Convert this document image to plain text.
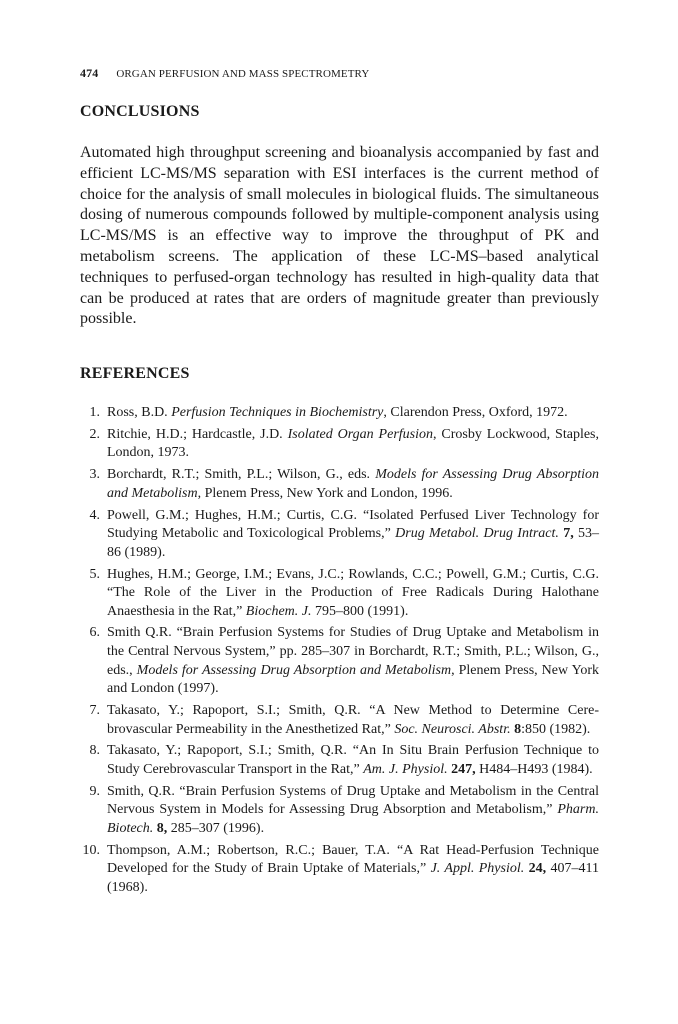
474 ORGAN PERFUSION AND MASS SPECTROMETRY
CONCLUSIONS

Automated high throughput screening and bioanalysis accompanied by fast and efficient LC-MS/MS separation with ESI interfaces is the current method of choice for the analysis of small molecules in biological fluids. The simultaneous dosing of numerous compounds followed by multiple-component analysis using LC-MS/MS is an effective way to improve the throughput of PK and metabolism screens. The application of these LC-MS–based analytical techniques to perfused-organ technology has resulted in high-quality data that can be produced at rates that are orders of magnitude greater than previously possible.

REFERENCES
1. Ross, B.D. Perfusion Techniques in Biochemistry, Clarendon Press, Oxford, 1972.
2. Ritchie, H.D.; Hardcastle, J.D. Isolated Organ Perfusion, Crosby Lockwood, Staples, London, 1973.
3. Borchardt, R.T.; Smith, P.L.; Wilson, G., eds. Models for Assessing Drug Absorption and Metabolism, Plenem Press, New York and London, 1996.
4. Powell, G.M.; Hughes, H.M.; Curtis, C.G. “Isolated Perfused Liver Technology for Studying Metabolic and Toxicological Problems,” Drug Metabol. Drug Intract. 7, 53–86 (1989).
5. Hughes, H.M.; George, I.M.; Evans, J.C.; Rowlands, C.C.; Powell, G.M.; Curtis, C.G. “The Role of the Liver in the Production of Free Radicals During Halothane Anaesthesia in the Rat,” Biochem. J. 795–800 (1991).
6. Smith Q.R. “Brain Perfusion Systems for Studies of Drug Uptake and Metabolism in the Central Nervous System,” pp. 285–307 in Borchardt, R.T.; Smith, P.L.; Wilson, G., eds., Models for Assessing Drug Absorption and Metabolism, Plenem Press, New York and London (1997).
7. Takasato, Y.; Rapoport, S.I.; Smith, Q.R. “A New Method to Determine Cerebrovascular Permeability in the Anesthetized Rat,” Soc. Neurosci. Abstr. 8:850 (1982).
8. Takasato, Y.; Rapoport, S.I.; Smith, Q.R. “An In Situ Brain Perfusion Technique to Study Cerebrovascular Transport in the Rat,” Am. J. Physiol. 247, H484–H493 (1984).
9. Smith, Q.R. “Brain Perfusion Systems of Drug Uptake and Metabolism in the Central Nervous System in Models for Assessing Drug Absorption and Metabolism,” Pharm. Biotech. 8, 285–307 (1996).
10. Thompson, A.M.; Robertson, R.C.; Bauer, T.A. “A Rat Head-Perfusion Technique Developed for the Study of Brain Uptake of Materials,” J. Appl. Physiol. 24, 407–411 (1968).
